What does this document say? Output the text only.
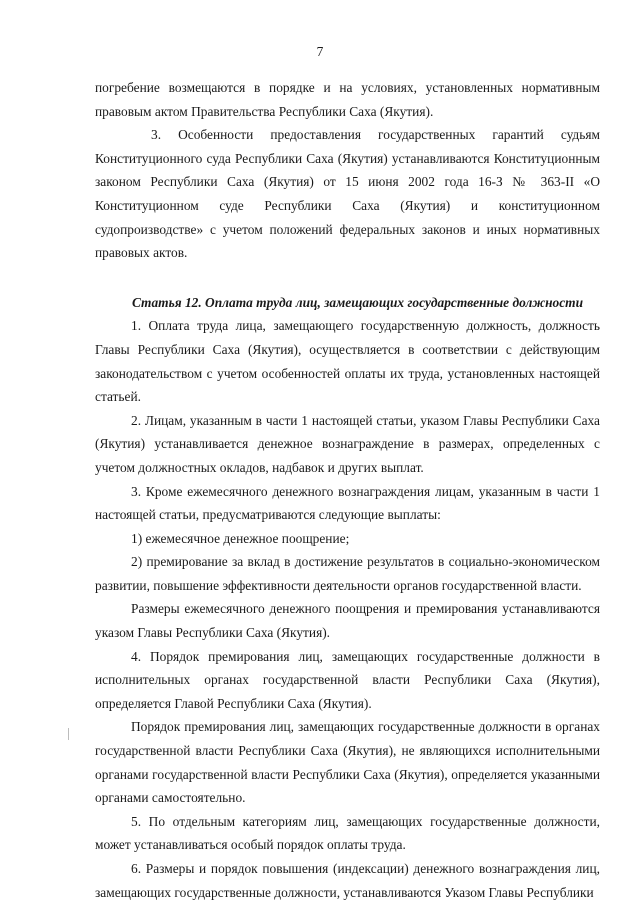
7

погребение возмещаются в порядке и на условиях, установленных нормативным правовым актом Правительства Республики Саха (Якутия).

3. Особенности предоставления государственных гарантий судьям Конституционного суда Республики Саха (Якутия) устанавливаются Конституционным законом Республики Саха (Якутия) от 15 июня 2002 года 16-З № 363-II «О Конституционном суде Республики Саха (Якутия) и конституционном судопроизводстве» с учетом положений федеральных законов и иных нормативных правовых актов.

Статья 12. Оплата труда лиц, замещающих государственные должности

1. Оплата труда лица, замещающего государственную должность, должность Главы Республики Саха (Якутия), осуществляется в соответствии с действующим законодательством с учетом особенностей оплаты их труда, установленных настоящей статьей.

2. Лицам, указанным в части 1 настоящей статьи, указом Главы Республики Саха (Якутия) устанавливается денежное вознаграждение в размерах, определенных с учетом должностных окладов, надбавок и других выплат.

3. Кроме ежемесячного денежного вознаграждения лицам, указанным в части 1 настоящей статьи, предусматриваются следующие выплаты:

1) ежемесячное денежное поощрение;

2) премирование за вклад в достижение результатов в социально-экономическом развитии, повышение эффективности деятельности органов государственной власти.

Размеры ежемесячного денежного поощрения и премирования устанавливаются указом Главы Республики Саха (Якутия).

4. Порядок премирования лиц, замещающих государственные должности в исполнительных органах государственной власти Республики Саха (Якутия), определяется Главой Республики Саха (Якутия).

Порядок премирования лиц, замещающих государственные должности в органах государственной власти Республики Саха (Якутия), не являющихся исполнительными органами государственной власти Республики Саха (Якутия), определяется указанными органами самостоятельно.

5. По отдельным категориям лиц, замещающих государственные должности, может устанавливаться особый порядок оплаты труда.

6. Размеры и порядок повышения (индексации) денежного вознаграждения лиц, замещающих государственные должности, устанавливаются Указом Главы Республики
